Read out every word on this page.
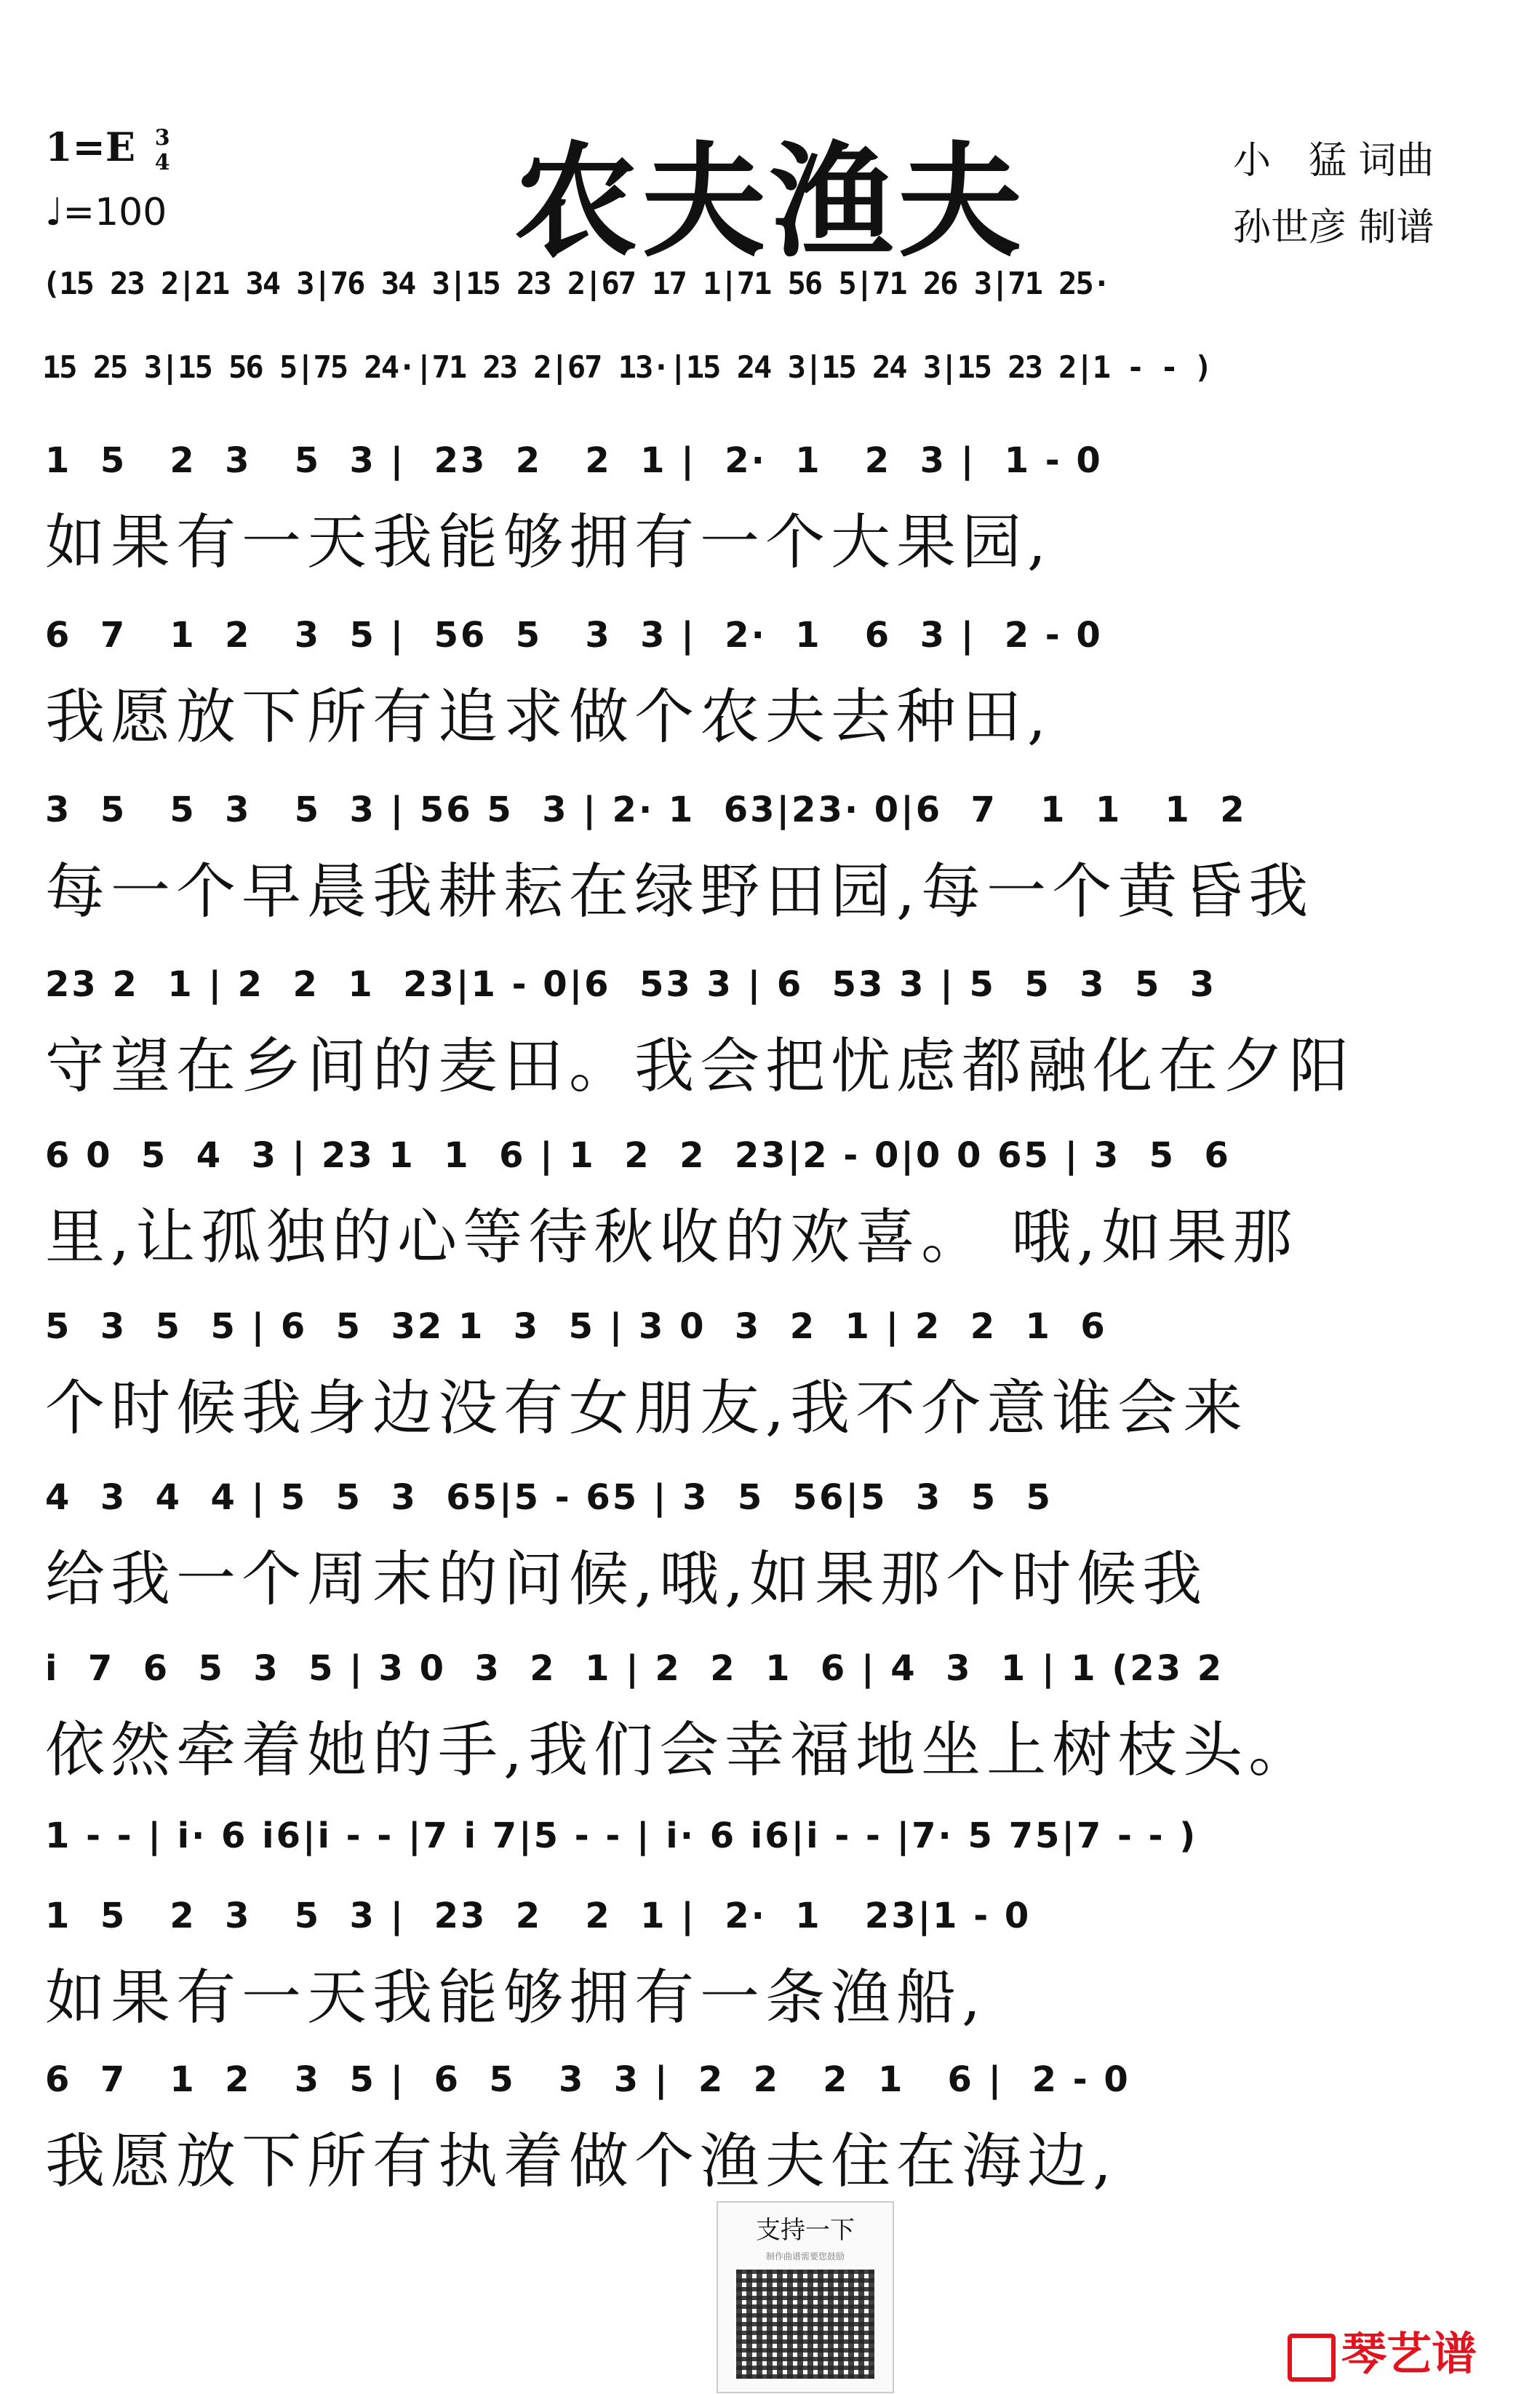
1=E 3
4
♩=100	农夫渔夫	小　猛 词曲
孙世彦 制谱
(15 23 2|21 34 3|76 34 3|15 23 2|67 17 1|71 56 5|71 26 3|71 25·
15 25 3|15 56 5|75 24·|71 23 2|67 13·|15 24 3|15 24 3|15 23 2|1 - - )
1  5   2  3   5  3 |  23  2   2  1 |  2·  1   2  3 |  1 - 0
如果有一天我能够拥有一个大果园,
6  7   1  2   3  5 |  56  5   3  3 |  2·  1   6  3 |  2 - 0
我愿放下所有追求做个农夫去种田,
3  5   5  3   5  3 | 56 5  3 | 2· 1  63|23· 0|6  7   1  1   1  2
每一个早晨我耕耘在绿野田园,每一个黄昏我
23 2  1 | 2  2  1  23|1 - 0|6  53 3 | 6  53 3 | 5  5  3  5  3
守望在乡间的麦田。我会把忧虑都融化在夕阳
6 0  5  4  3 | 23 1  1  6 | 1  2  2  23|2 - 0|0 0 65 | 3  5  6
里,让孤独的心等待秋收的欢喜。 哦,如果那
5  3  5  5 | 6  5  32 1  3  5 | 3 0  3  2  1 | 2  2  1  6
个时候我身边没有女朋友,我不介意谁会来
4  3  4  4 | 5  5  3  65|5 - 65 | 3  5  56|5  3  5  5
给我一个周末的问候,哦,如果那个时候我
i  7  6  5  3  5 | 3 0  3  2  1 | 2  2  1  6 | 4  3  1 | 1 (23 2
依然牵着她的手,我们会幸福地坐上树枝头。
1 - - | i· 6 i6|i - - |7 i 7|5 - - | i· 6 i6|i - - |7· 5 75|7 - - )
1  5   2  3   5  3 |  23  2   2  1 |  2·  1   23|1 - 0
如果有一天我能够拥有一条渔船,
6  7   1  2   3  5 |  6  5   3  3 |  2  2   2  1   6 |  2 - 0
我愿放下所有执着做个渔夫住在海边,
支持一下
制作曲谱需要您鼓励
琴艺谱
